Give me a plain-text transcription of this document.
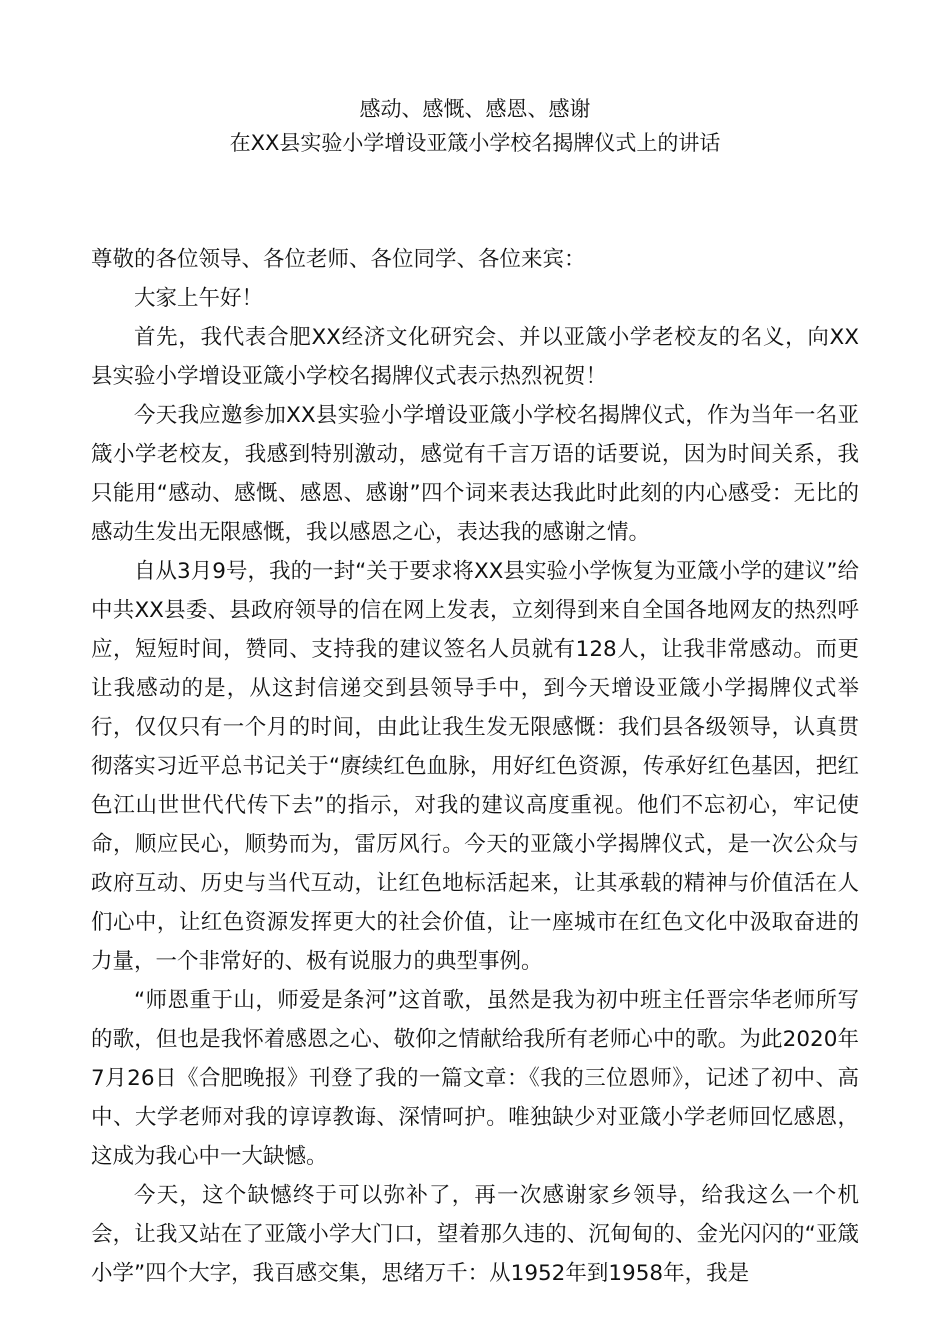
感动、感慨、感恩、感谢
在XX县实验小学增设亚箴小学校名揭牌仪式上的讲话

尊敬的各位领导、各位老师、各位同学、各位来宾：

大家上午好！

首先，我代表合肥XX经济文化研究会、并以亚箴小学老校友的名义，向XX县实验小学增设亚箴小学校名揭牌仪式表示热烈祝贺！

今天我应邀参加XX县实验小学增设亚箴小学校名揭牌仪式，作为当年一名亚箴小学老校友，我感到特别激动，感觉有千言万语的话要说，因为时间关系，我只能用“感动、感慨、感恩、感谢”四个词来表达我此时此刻的内心感受：无比的感动生发出无限感慨，我以感恩之心，表达我的感谢之情。

自从3月9号，我的一封“关于要求将XX县实验小学恢复为亚箴小学的建议”给中共XX县委、县政府领导的信在网上发表，立刻得到来自全国各地网友的热烈呼应，短短时间，赞同、支持我的建议签名人员就有128人，让我非常感动。而更让我感动的是，从这封信递交到县领导手中，到今天增设亚箴小学揭牌仪式举行，仅仅只有一个月的时间，由此让我生发无限感慨：我们县各级领导，认真贯彻落实习近平总书记关于“赓续红色血脉，用好红色资源，传承好红色基因，把红色江山世世代代传下去”的指示，对我的建议高度重视。他们不忘初心，牢记使命，顺应民心，顺势而为，雷厉风行。今天的亚箴小学揭牌仪式，是一次公众与政府互动、历史与当代互动，让红色地标活起来，让其承载的精神与价值活在人们心中，让红色资源发挥更大的社会价值，让一座城市在红色文化中汲取奋进的力量，一个非常好的、极有说服力的典型事例。

“师恩重于山，师爱是条河”这首歌，虽然是我为初中班主任晋宗华老师所写的歌，但也是我怀着感恩之心、敬仰之情献给我所有老师心中的歌。为此2020年7月26日《合肥晚报》刊登了我的一篇文章：《我的三位恩师》，记述了初中、高中、大学老师对我的谆谆教诲、深情呵护。唯独缺少对亚箴小学老师回忆感恩，这成为我心中一大缺憾。

今天，这个缺憾终于可以弥补了，再一次感谢家乡领导，给我这么一个机会，让我又站在了亚箴小学大门口，望着那久违的、沉甸甸的、金光闪闪的“亚箴小学”四个大字，我百感交集，思绪万千：从1952年到1958年，我是
